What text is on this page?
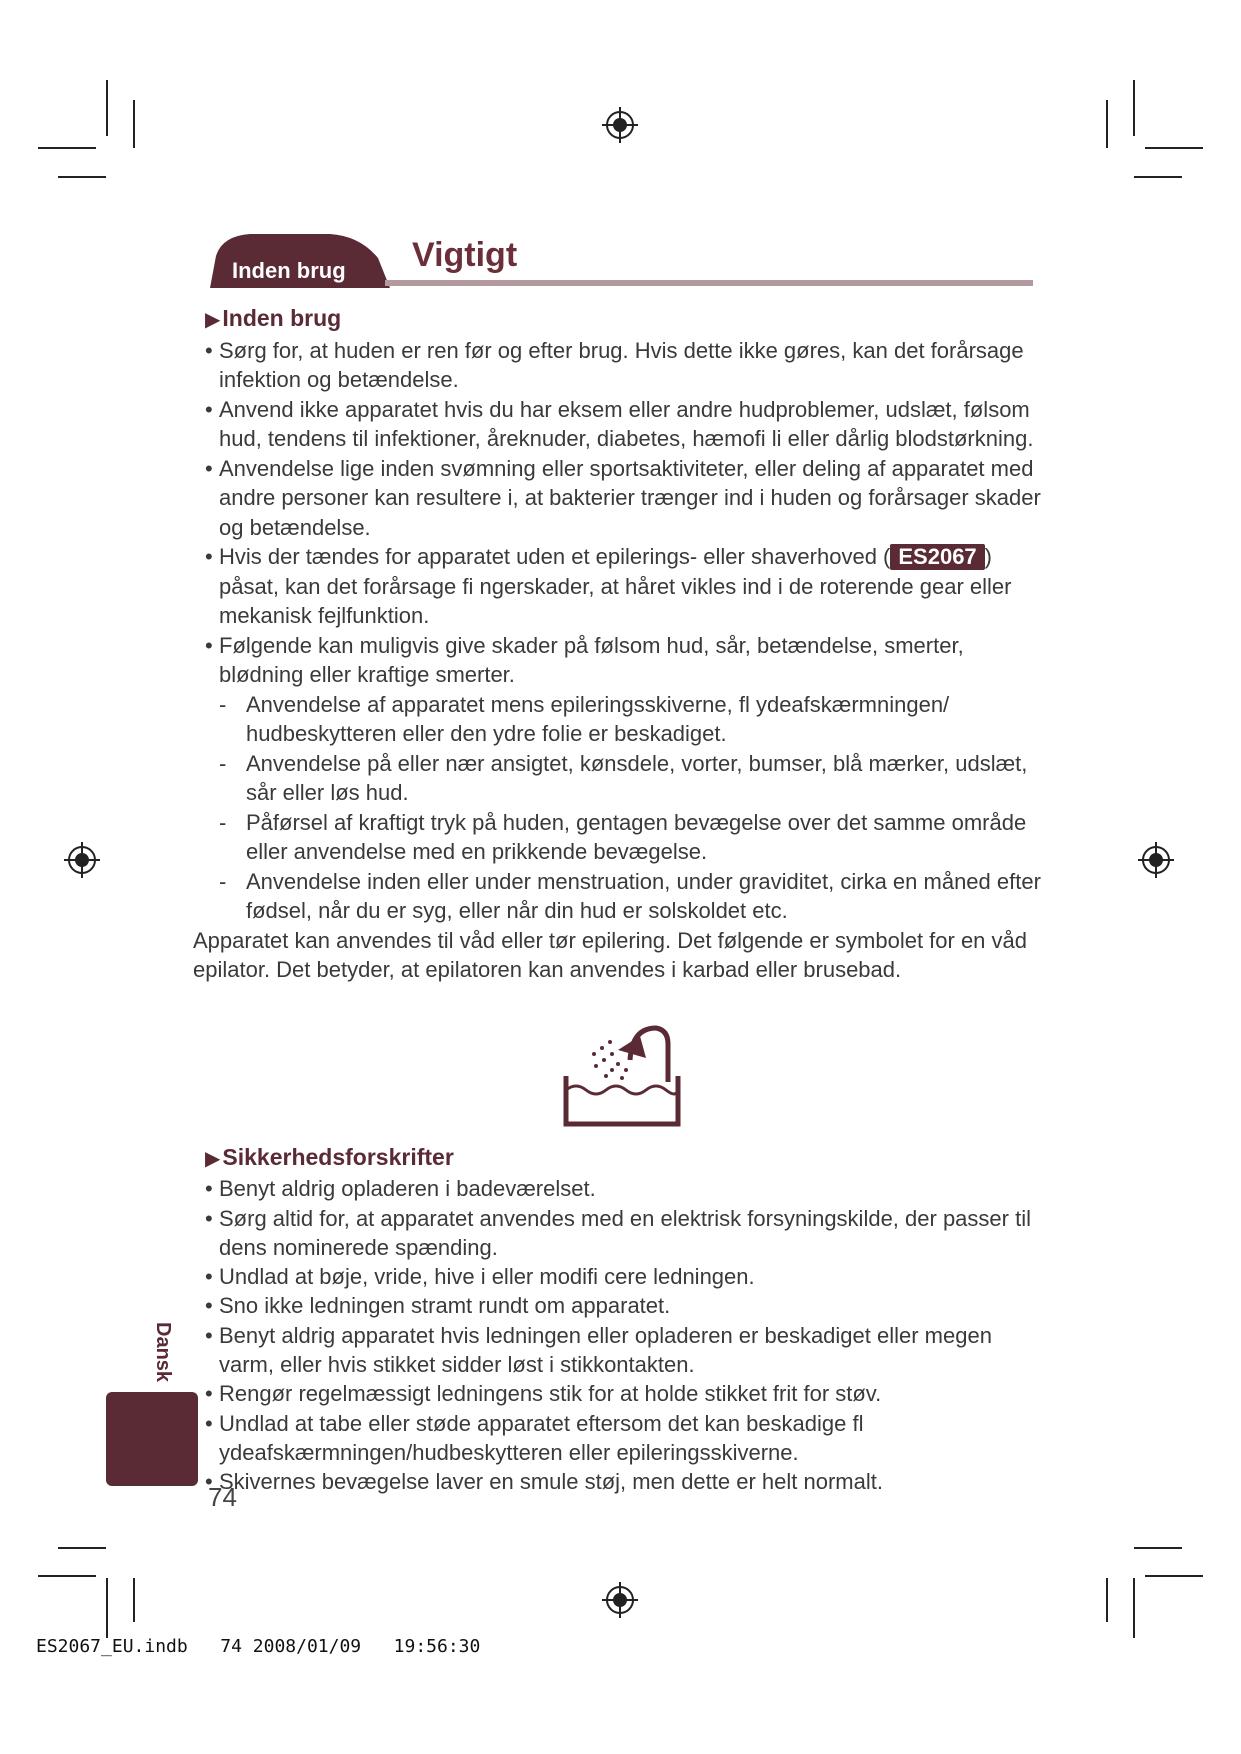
Inden brug Vigtigt
▶Inden brug
• Sørg for, at huden er ren før og efter brug. Hvis dette ikke gøres, kan det forårsage infektion og betændelse.
• Anvend ikke apparatet hvis du har eksem eller andre hudproblemer, udslæt, følsom hud, tendens til infektioner, åreknuder, diabetes, hæmofi li eller dårlig blodstørkning.
• Anvendelse lige inden svømning eller sportsaktiviteter, eller deling af apparatet med andre personer kan resultere i, at bakterier trænger ind i huden og forårsager skader og betændelse.
• Hvis der tændes for apparatet uden et epilerings- eller shaverhoved ( ES2067 ) påsat, kan det forårsage fi ngerskader, at håret vikles ind i de roterende gear eller mekanisk fejlfunktion.
• Følgende kan muligvis give skader på følsom hud, sår, betændelse, smerter, blødning eller kraftige smerter.
- Anvendelse af apparatet mens epileringsskiverne, fl ydeafskærmningen/ hudbeskytteren eller den ydre folie er beskadiget.
- Anvendelse på eller nær ansigtet, kønsdele, vorter, bumser, blå mærker, udslæt, sår eller løs hud.
- Påførsel af kraftigt tryk på huden, gentagen bevægelse over det samme område eller anvendelse med en prikkende bevægelse.
- Anvendelse inden eller under menstruation, under graviditet, cirka en måned efter fødsel, når du er syg, eller når din hud er solskoldet etc.
Apparatet kan anvendes til våd eller tør epilering. Det følgende er symbolet for en våd epilator. Det betyder, at epilatoren kan anvendes i karbad eller brusebad.
▶Sikkerhedsforskrifter
• Benyt aldrig opladeren i badeværelset.
• Sørg altid for, at apparatet anvendes med en elektrisk forsyningskilde, der passer til dens nominerede spænding.
• Undlad at bøje, vride, hive i eller modifi cere ledningen.
• Sno ikke ledningen stramt rundt om apparatet.
• Benyt aldrig apparatet hvis ledningen eller opladeren er beskadiget eller megen varm, eller hvis stikket sidder løst i stikkontakten.
• Rengør regelmæssigt ledningens stik for at holde stikket frit for støv.
• Undlad at tabe eller støde apparatet eftersom det kan beskadige fl ydeafskærmningen/hudbeskytteren eller epileringsskiverne.
• Skivernes bevægelse laver en smule støj, men dette er helt normalt.
Dansk
74
ES2067_EU.indb 74 2008/01/09 19:56:30
